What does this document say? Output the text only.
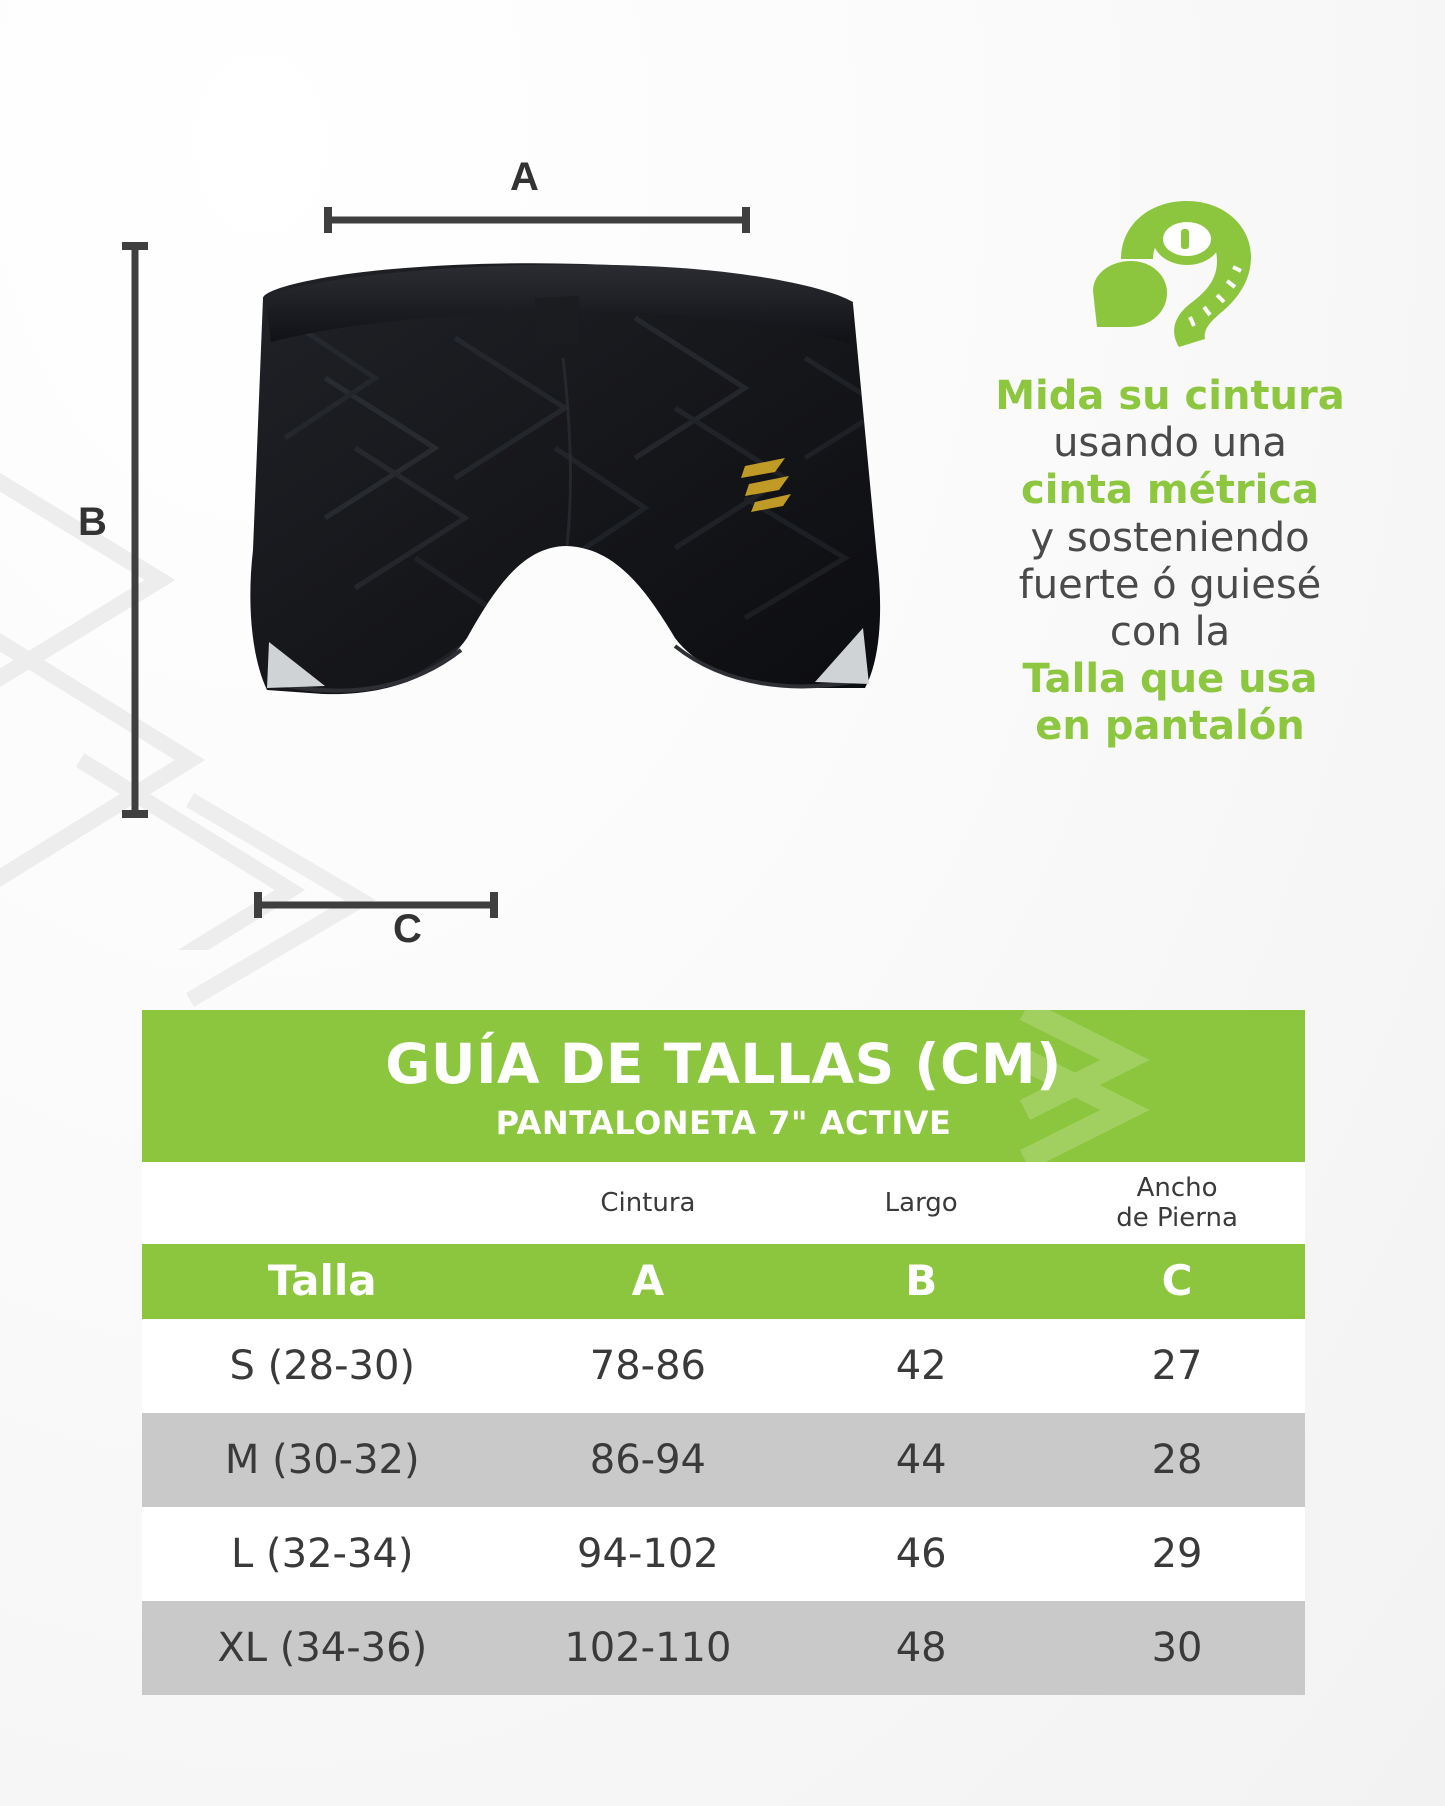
A
B
C
Mida su cintura
usando una
cinta métrica
y sosteniendo
fuerte ó guiesé
con la
Talla que usa
en pantalón
GUÍA DE TALLAS (CM)
PANTALONETA 7" ACTIVE
	Cintura	Largo	Ancho
de Pierna
Talla	A	B	C
S (28-30)	78-86	42	27
M (30-32)	86-94	44	28
L (32-34)	94-102	46	29
XL (34-36)	102-110	48	30
